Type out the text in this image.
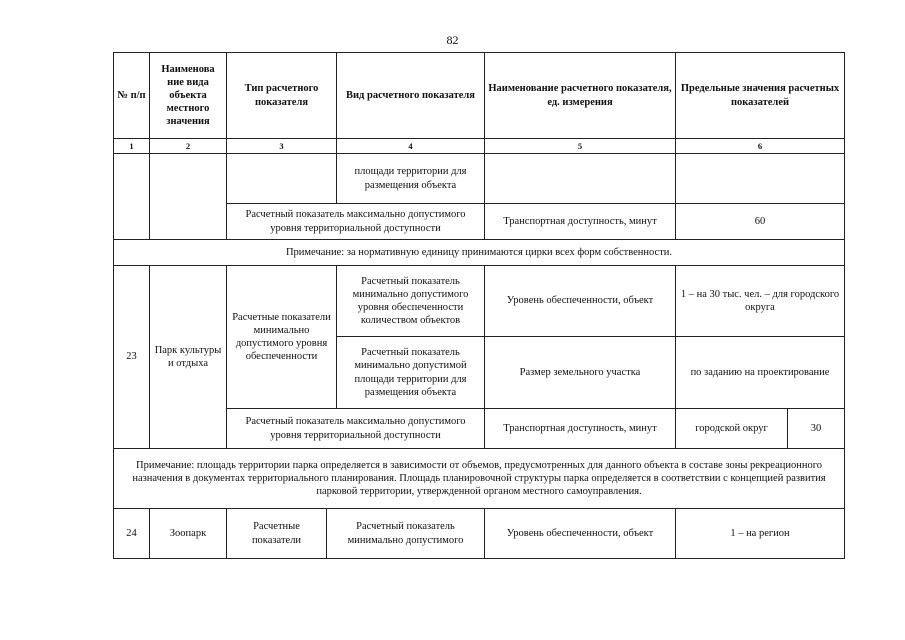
82
№ п/п	Наименова ние вида объекта местного значения	Тип расчетного показателя		Вид расчетного показателя	Наименование расчетного показателя, ед. измерения	Предельные значения расчетных показателей	
1	2	3		4	5	6	
				площади территории для размещения объекта			
		Расчетный показатель максимально допустимого уровня территориальной доступности			Транспортная доступность, минут	60	
Примечание: за нормативную единицу принимаются цирки всех форм собственности.							
23	Парк культуры и отдыха	Расчетные показатели минимально допустимого уровня обеспеченности		Расчетный показатель минимально допустимого уровня обеспеченности количеством объектов	Уровень обеспеченности, объект	1 – на 30 тыс. чел. – для городского округа	
				Расчетный показатель минимально допустимой площади территории для размещения объекта	Размер земельного участка	по заданию на проектирование	
		Расчетный показатель максимально допустимого уровня территориальной доступности			Транспортная доступность, минут	городской округ	30
Примечание: площадь территории парка определяется в зависимости от объемов, предусмотренных для данного объекта в составе зоны рекреационного назначения в документах территориального планирования. Площадь планировочной структуры парка определяется в соответствии с концепцией развития парковой территории, утвержденной органом местного самоуправления.							
24	Зоопарк	Расчетные показатели	Расчетный показатель минимально допустимого		Уровень обеспеченности, объект	1 – на регион	
